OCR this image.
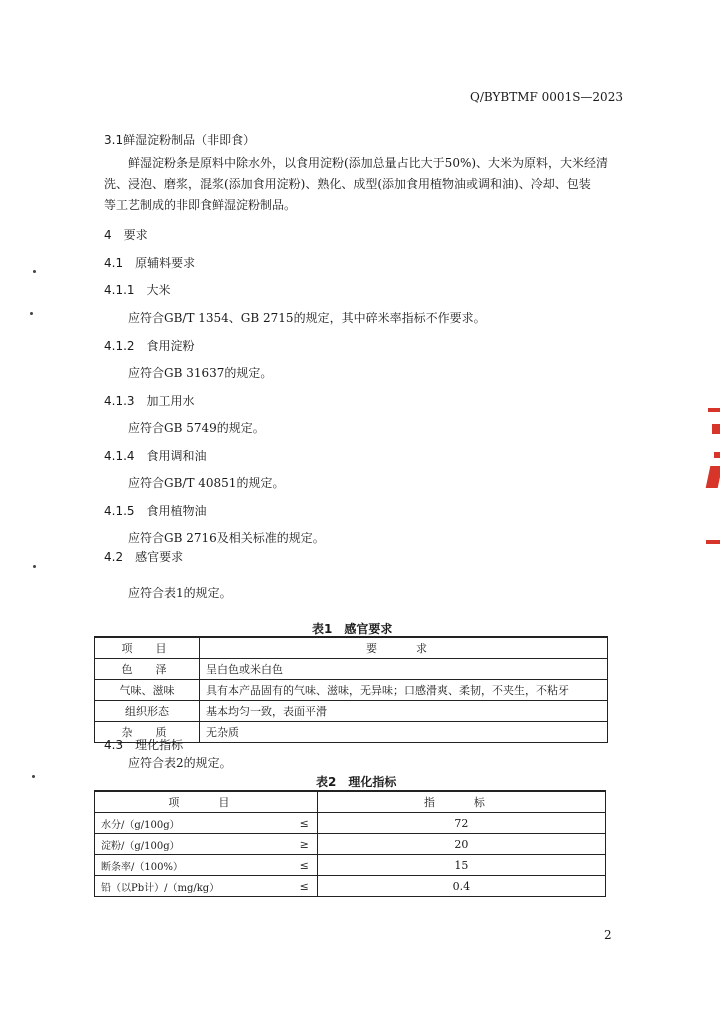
Q/BYBTMF 0001S—2023
3.1鲜湿淀粉制品（非即食）
鲜湿淀粉条是原料中除水外，以食用淀粉(添加总量占比大于50%)、大米为原料，大米经清
洗、浸泡、磨浆，混浆(添加食用淀粉)、熟化、成型(添加食用植物油或调和油)、冷却、包装
等工艺制成的非即食鲜湿淀粉制品。
4　要求
4.1　原辅料要求
4.1.1　大米
应符合GB/T 1354、GB 2715的规定，其中碎米率指标不作要求。
4.1.2　食用淀粉
应符合GB 31637的规定。
4.1.3　加工用水
应符合GB 5749的规定。
4.1.4　食用调和油
应符合GB/T 40851的规定。
4.1.5　食用植物油
应符合GB 2716及相关标准的规定。
4.2　感官要求
应符合表1的规定。
表1　感官要求
项　目	要　求
色　泽	呈白色或米白色
气味、滋味	具有本产品固有的气味、滋味，无异味；口感滑爽、柔韧，不夹生，不粘牙
组织形态	基本均匀一致，表面平滑
杂　质	无杂质
4.3　理化指标
应符合表2的规定。
表2　理化指标
项　目		指　标
水分/（g/100g）	≤	72
淀粉/（g/100g）	≥	20
断条率/（100%）	≤	15
铅（以Pb计）/（mg/kg）	≤	0.4
2
